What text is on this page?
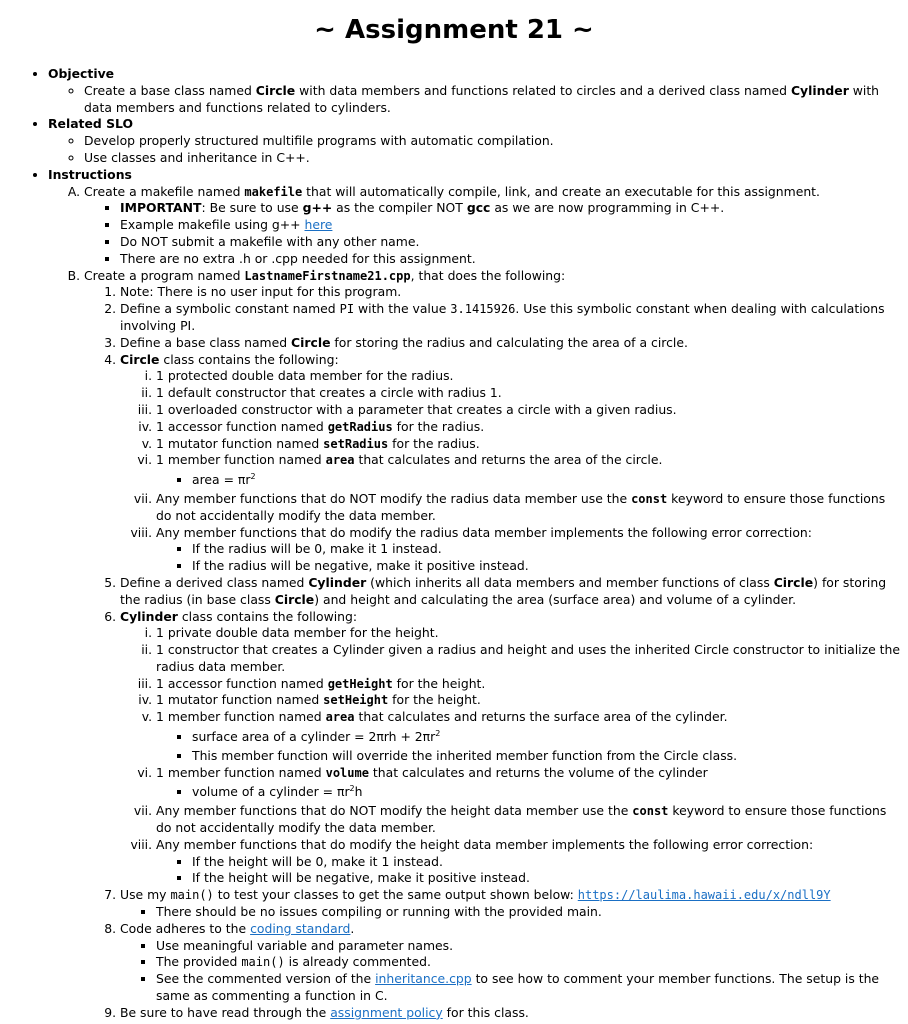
~ Assignment 21 ~
• Objective
◦ Create a base class named Circle with data members and functions related to circles and a derived class named Cylinder with data members and functions related to cylinders.
• Related SLO
◦ Develop properly structured multifile programs with automatic compilation.
◦ Use classes and inheritance in C++.
• Instructions
A. Create a makefile named makefile that will automatically compile, link, and create an executable for this assignment.
▪ IMPORTANT: Be sure to use g++ as the compiler NOT gcc as we are now programming in C++.
▪ Example makefile using g++ here
▪ Do NOT submit a makefile with any other name.
▪ There are no extra .h or .cpp needed for this assignment.
B. Create a program named LastnameFirstname21.cpp, that does the following:
1. Note: There is no user input for this program.
2. Define a symbolic constant named PI with the value 3.1415926. Use this symbolic constant when dealing with calculations involving PI.
3. Define a base class named Circle for storing the radius and calculating the area of a circle.
4. Circle class contains the following:
i. 1 protected double data member for the radius.
ii. 1 default constructor that creates a circle with radius 1.
iii. 1 overloaded constructor with a parameter that creates a circle with a given radius.
iv. 1 accessor function named getRadius for the radius.
v. 1 mutator function named setRadius for the radius.
vi. 1 member function named area that calculates and returns the area of the circle.
▪ area = $\pi r^2$
vii. Any member functions that do NOT modify the radius data member use the const keyword to ensure those functions do not accidentally modify the data member.
viii. Any member functions that do modify the radius data member implements the following error correction:
▪ If the radius will be 0, make it 1 instead.
▪ If the radius will be negative, make it positive instead.
5. Define a derived class named Cylinder (which inherits all data members and member functions of class Circle) for storing the radius (in base class Circle) and height and calculating the area (surface area) and volume of a cylinder.
6. Cylinder class contains the following:
i. 1 private double data member for the height.
ii. 1 constructor that creates a Cylinder given a radius and height and uses the inherited Circle constructor to initialize the radius data member.
iii. 1 accessor function named getHeight for the height.
iv. 1 mutator function named setHeight for the height.
v. 1 member function named area that calculates and returns the surface area of the cylinder.
▪ surface area of a cylinder = $2\pi rh + 2\pi r^2$
▪ This member function will override the inherited member function from the Circle class.
vi. 1 member function named volume that calculates and returns the volume of the cylinder
▪ volume of a cylinder = $\pi r^2h$
vii. Any member functions that do NOT modify the height data member use the const keyword to ensure those functions do not accidentally modify the data member.
viii. Any member functions that do modify the height data member implements the following error correction:
▪ If the height will be 0, make it 1 instead.
▪ If the height will be negative, make it positive instead.
7. Use my main() to test your classes to get the same output shown below: https://laulima.hawaii.edu/x/ndll9Y
▪ There should be no issues compiling or running with the provided main.
8. Code adheres to the coding standard.
▪ Use meaningful variable and parameter names.
▪ The provided main() is already commented.
▪ See the commented version of the inheritance.cpp to see how to comment your member functions. The setup is the same as commenting a function in C.
9. Be sure to have read through the assignment policy for this class.
